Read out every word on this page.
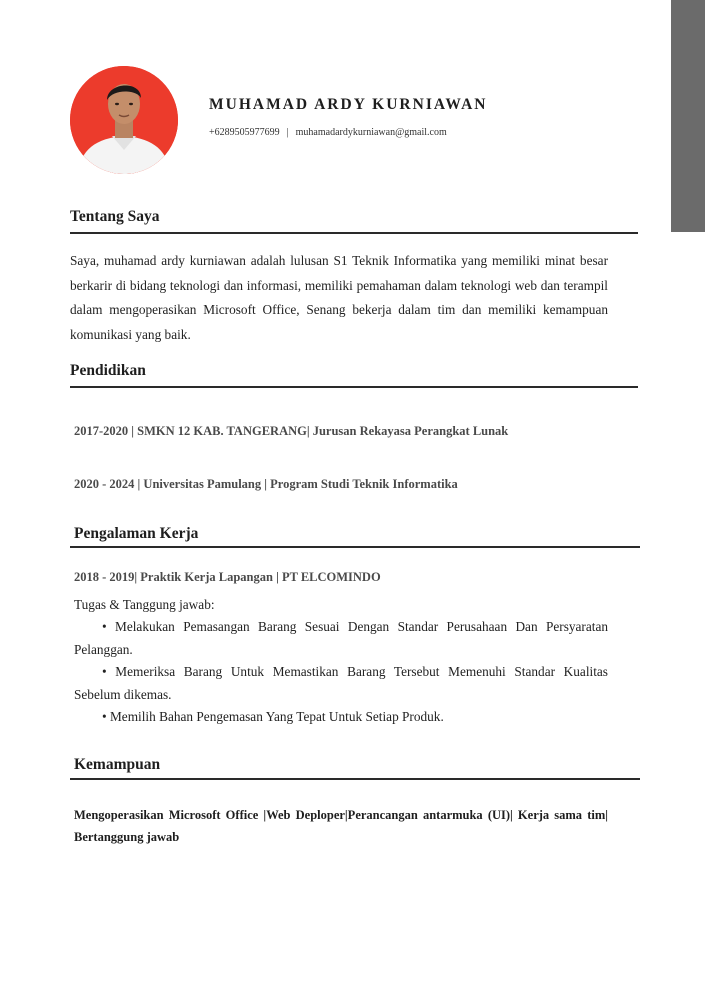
MUHAMAD ARDY KURNIAWAN
+6289505977699 | muhamadardykurniawan@gmail.com
Tentang Saya
Saya, muhamad ardy kurniawan adalah lulusan S1 Teknik Informatika yang memiliki minat besar berkarir di bidang teknologi dan informasi, memiliki pemahaman dalam teknologi web dan terampil dalam mengoperasikan Microsoft Office, Senang bekerja dalam tim dan memiliki kemampuan komunikasi yang baik.
Pendidikan
2017-2020 | SMKN 12 KAB. TANGERANG| Jurusan Rekayasa Perangkat Lunak
2020 - 2024 | Universitas Pamulang | Program Studi Teknik Informatika
Pengalaman Kerja
2018 - 2019| Praktik Kerja Lapangan | PT ELCOMINDO
Tugas & Tanggung jawab:

• Melakukan Pemasangan Barang Sesuai Dengan Standar Perusahaan Dan Persyaratan Pelanggan.

• Memeriksa Barang Untuk Memastikan Barang Tersebut Memenuhi Standar Kualitas Sebelum dikemas.

• Memilih Bahan Pengemasan Yang Tepat Untuk Setiap Produk.

Kemampuan
Mengoperasikan Microsoft Office |Web Deploper|Perancangan antarmuka (UI)| Kerja sama tim| Bertanggung jawab
